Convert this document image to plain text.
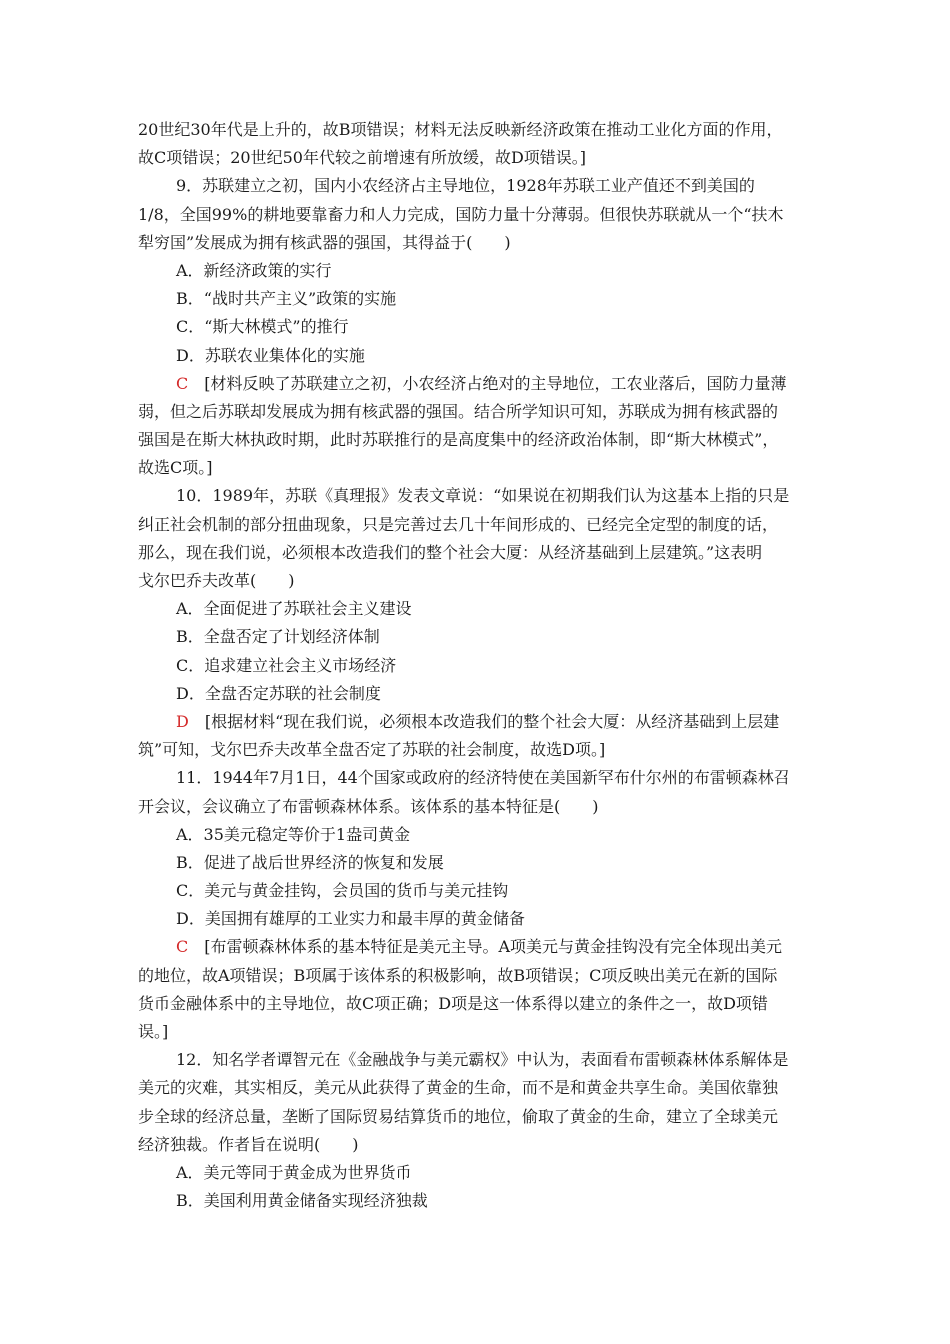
20世纪30年代是上升的，故B项错误；材料无法反映新经济政策在推动工业化方面的作用，
故C项错误；20世纪50年代较之前增速有所放缓，故D项错误。]
9．苏联建立之初，国内小农经济占主导地位，1928年苏联工业产值还不到美国的
1/8，全国99%的耕地要靠畜力和人力完成，国防力量十分薄弱。但很快苏联就从一个“扶木
犁穷国”发展成为拥有核武器的强国，其得益于(　　)
A．新经济政策的实行
B．“战时共产主义”政策的实施
C．“斯大林模式”的推行
D．苏联农业集体化的实施
C　[材料反映了苏联建立之初，小农经济占绝对的主导地位，工农业落后，国防力量薄
弱，但之后苏联却发展成为拥有核武器的强国。结合所学知识可知，苏联成为拥有核武器的
强国是在斯大林执政时期，此时苏联推行的是高度集中的经济政治体制，即“斯大林模式”，
故选C项。]
10．1989年，苏联《真理报》发表文章说：“如果说在初期我们认为这基本上指的只是
纠正社会机制的部分扭曲现象，只是完善过去几十年间形成的、已经完全定型的制度的话，
那么，现在我们说，必须根本改造我们的整个社会大厦：从经济基础到上层建筑。”这表明
戈尔巴乔夫改革(　　)
A．全面促进了苏联社会主义建设
B．全盘否定了计划经济体制
C．追求建立社会主义市场经济
D．全盘否定苏联的社会制度
D　[根据材料“现在我们说，必须根本改造我们的整个社会大厦：从经济基础到上层建
筑”可知，戈尔巴乔夫改革全盘否定了苏联的社会制度，故选D项。]
11．1944年7月1日，44个国家或政府的经济特使在美国新罕布什尔州的布雷顿森林召
开会议，会议确立了布雷顿森林体系。该体系的基本特征是(　　)
A．35美元稳定等价于1盎司黄金
B．促进了战后世界经济的恢复和发展
C．美元与黄金挂钩，会员国的货币与美元挂钩
D．美国拥有雄厚的工业实力和最丰厚的黄金储备
C　[布雷顿森林体系的基本特征是美元主导。A项美元与黄金挂钩没有完全体现出美元
的地位，故A项错误；B项属于该体系的积极影响，故B项错误；C项反映出美元在新的国际
货币金融体系中的主导地位，故C项正确；D项是这一体系得以建立的条件之一，故D项错
误。]
12．知名学者谭智元在《金融战争与美元霸权》中认为，表面看布雷顿森林体系解体是
美元的灾难，其实相反，美元从此获得了黄金的生命，而不是和黄金共享生命。美国依靠独
步全球的经济总量，垄断了国际贸易结算货币的地位，偷取了黄金的生命，建立了全球美元
经济独裁。作者旨在说明(　　)
A．美元等同于黄金成为世界货币
B．美国利用黄金储备实现经济独裁
